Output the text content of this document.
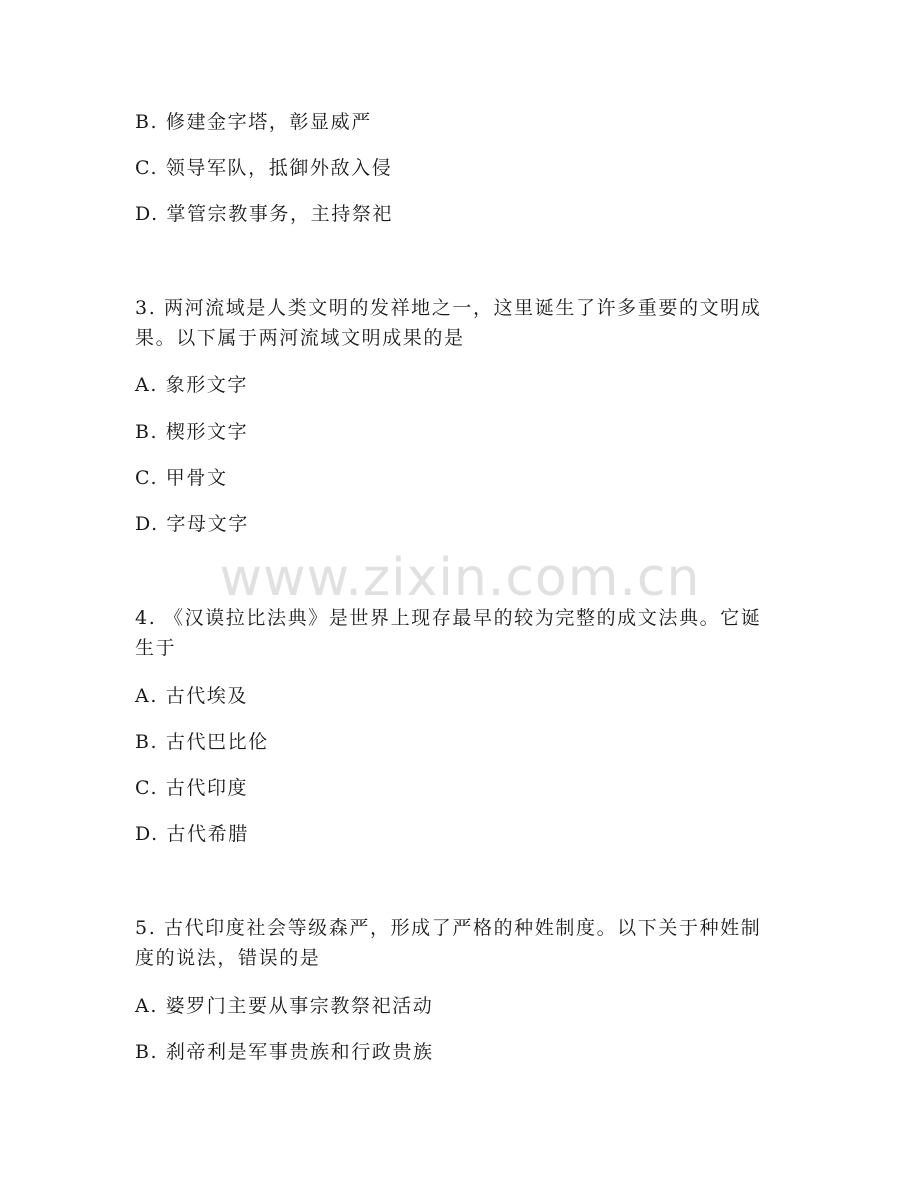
www.zixin.com.cn
B. 修建金字塔，彰显威严
C. 领导军队，抵御外敌入侵
D. 掌管宗教事务，主持祭祀
3. 两河流域是人类文明的发祥地之一，这里诞生了许多重要的文明成
果。以下属于两河流域文明成果的是
A. 象形文字
B. 楔形文字
C. 甲骨文
D. 字母文字
4. 《汉谟拉比法典》是世界上现存最早的较为完整的成文法典。它诞
生于
A. 古代埃及
B. 古代巴比伦
C. 古代印度
D. 古代希腊
5. 古代印度社会等级森严，形成了严格的种姓制度。以下关于种姓制
度的说法，错误的是
A. 婆罗门主要从事宗教祭祀活动
B. 刹帝利是军事贵族和行政贵族
